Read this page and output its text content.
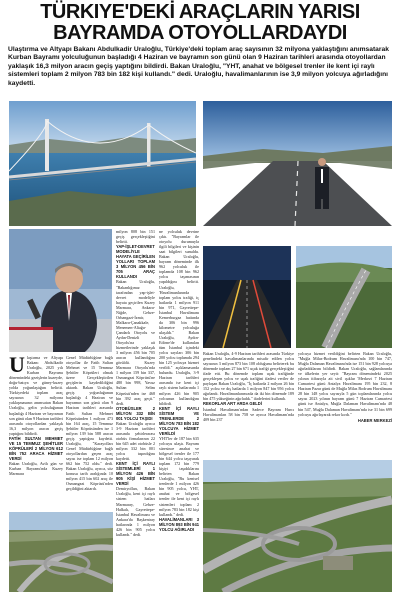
TÜRKIYE'DEKİ ARAÇLARIN YARISI
BAYRAMDA OTOYOLLARDAYDI
Ulaştırma ve Altyapı Bakanı Abdulkadir Uraloğlu, Türkiye'deki toplam araç sayısının 32 milyona yaklaştığını anımsatarak Kurban Bayramı yolculuğunun başladığı 4 Haziran ve bayramın son günü olan 9 Haziran tarihleri arasında otoyollardan yaklaşık 16,3 milyon aracın geçiş yaptığını bildirdi. Bakan Uraloğlu, "YHT, anahat ve bölgesel trenler ile kent içi raylı sistemleri toplam 2 milyon 783 bin 182 kişi kullandı." dedi. Uraloğlu, havalimanlarının ise 3,9 milyon yolcuya ağırladığını kaydetti.
U laştırma ve Altyapı Bakanı Abdulkadir Uraloğlu, 2025 yılı Kurban Bayramı dönemindeki gezişlerin kuzeyde, doğu-batıya ve güney-kuzey yolda yoğunlaştığını belirtti. Türkiyedeki toplam araç sayısının 32 milyona yaklaşmasının anımsatan Bakan Uraloğlu, gelin yolculuğunun başladığı 4 Haziran ve bayramın son günü olan 9 Haziran tarihleri arasında otoyollardan yaklaşık 16,3 milyon aracın geçiş yaptığını bildirdi.

FATİH SULTAN MEHMET VE 15 TEMMUZ ŞEHİTLER KÖPRÜLERİ 2 MİLYON 612 BİN 752 ARACA HİZMET VERDİ

Bakan Uraloğlu, Avilı gün ve Kurban Bayramı'nda Kuzey Marmara

Genel Müdürlüğüne bağlı otoyollar ile Fatih Sultan Mehmet ve 15 Temmuz Şehitler Köprüleri olmak üzere Gerçekleştirilen geçişlerin kaydedildiğini aktardı. Bakan Uraloğlu, geçiş yoğunluğunun başladığı 4 Haziran ve bayramın son günü olan 9 Haziran tarihleri arasında Fatih Sultan Mehmet Köprüsünden 1 milyon 473 bin 164 araç, 15 Temmuz Şehitler Köprüsünden ise 1 milyon 139 bin 588 aracın geçiş yaptığını kaydetti. Uraloğlu, "Karayolları Genel Müdürlüğüne bağlı otoyollardan geçen araç sayısı ise toplam 12 milyon 662 bin 752 oldu." dedi. Bakan Uraloğlu, ayrıca, söz konusu tarih aralığında 10 milyon 415 bin 602 araç ile Osmangazi Köprüsü'nden geçildiğini aktardı.

milyon 808 bin 151 geçiş gerçekleştiğini belirtti.

YAP-İŞLET-DEVRET MODELİYLE HAYATA GEÇİRİLEN YOLLARI TOPLAM 3 MİLYON 456 BİN 705 ARAÇ KULLANDI

Bakan Uraloğlu, "Bakanlığımız tarafından yap-işlet-devret modeliyle hayata geçirilen Kuzey Marmara, Ankara-Niğde, Gebze-Orhangazi-İzmir, Malkara-Çanakkale, Menemen-Aliağa-Çandarlı Otoyolu ve Aydın-Denizli Otoyolu'na ait hizmetlerinde yaklaşık 3 milyon 456 bin 705 aracın kullandığını görüldü. Kuzey Marmara Otoyolu'nda 1 milyon 159 bin 337, Osmangazi Köprüsü'ne 480 bin 998, Yavuz Sultan Selim Köprüsü'nden ise 468 bin 392 araç geçti." dedi.

OTOBÜSLER 2 MİLYON 332 BİN 001 YOLCU TAŞIDI

Bakan Uraloğlu ayrıca 3-9 Haziran tarihleri arasında şehirlerarası otobüs firmalarının 22 bin 645 adet otobüsle 2 milyon 332 bin 001 yolcu taşındığını kaydetti.

KENT İÇİ RAYLI SİSTEMLERİ 1 MİLYON 426 BİN 905 KİŞİ HİZMET VERDİ

Demiryolları, Bakan Uraloğlu, kent içi raylı sistem hatları Marmaray, Gebze-Halkalı, Gayrettepe-İstanbul Havalimanı ve Ankara'da Başkentray hatlarında 1 milyon 426 bin 905 yolcu kullandı." dedi.

ne yolculuk devrine çıktı. "Bayramlar ile otoyolu durumuyla ilgili bilgileri ve kişinin saat bilgileri sunuldu. Bakan Uraloğlu, bayram döneminde ilk 962 yolculuk ile toplamda 108 bin 962 yolcu taşımasının yapıldığını belirtti. Uraloğlu, 'Havalimanlarında toplam yolcu trafiği, iç hatlarda 1 milyon 911 bin 971, Gayrettepe-İstanbul Havalimanı Kemerburgaz hattında da 306 bin 996 kilometre yolculuğa ulaşıldı." Bakan Uraloğlu, Aydın-Edirne'de kullanılan tüm İstanbul içindeki yolcu sayıları 306 bin 200 yolcu toplamda 294 bin 125 yolcuya hizmet verildi." açıklamasında bulundu. Uraloğlu, 3-9 Haziran tarihleri arasında ise kent içi raylı sistem hatlarında 1 milyon 426 bin 905 yolcunun kullandığını bildirdi.

KENT İÇİ RAYLI SİSTEM VE TRENLERDE 2 MİLYON 783 BİN 182 YOLCUYA HİZMET VERİLDİ

YHT'ler de 187 bin 635 yolcuyu ulaştı. Bayram süresince anahat ve bölgesel trenler ile 177 bin 644 yolcu taşıyarak toplam 172 bin 779 kişiyi taşıdıklarını belirten Bakan Uraloğlu, "Bu kentsel trenlerde 1 milyon 426 bin 905 yolcu, YHT, anahat ve bölgesel trenler ile kent içi raylı sistemleri toplam 2 milyon 783 bin 182 kişi kullandı." dedi.

HAVALİMANLARI 3 MİLYON 893 BİN 941 YOLCU AĞIRLADI

Bakan Uraloğlu, 4-9 Haziran tarihleri arasında Türkiye genelindeki havalimanlarında misafir edilen yolcu sayısının 3 milyon 873 bin 108 olduğunu belirterek bu dönemde toplam 27 bin 671 uçak trafiği gerçekleştiğini ifade etti. Bu dönemde toplam uçak trafiğinde gerçekleşen yolcu ve uçak trafiğini ifadesi veriler de paylaşan Bakan Uraloğlu, "İç hatlarda 2 milyon 26 bin 152 yolcu ve dış hatlarda 1 milyon 847 bin 956 yolcu ağırlandı. Havalimanlarımızda da iki bin dönemde 189 bin 475 yükseğinin ağırladık." ifadelerini kullandı.

REKORLAR ART ARDA GELDİ

İstanbul Havalimanı'ndan Sadece Bayram Harcı Havalimanları 58 bin 758 ve ayrıca Havalimanı'nda 409 bin 237

yolcuya hizmet verildiğini belirten Bakan Uraloğlu, "Muğla Milas-Bodrum Havalimanı'nda 100 bin 747, Muğla Dalaman Havalimanı'nda ise 151 bin 928 yolcuya ağırladıklarını bildirdi. Bakan Uraloğlu, sağlamlarında ve ülkelerin yer seyit: "Bayram dönemindeki 2025 yılının itibarıyla ait sivil ışıklar 'Merkezi 7 Haziran Cumartesi günü Antalya Havalimanı 195 bin 232, 8 Haziran Pazar günü de Muğla Milas Bodrum Havalimanı 28 bin 148 yolcu sayısıyla 5 gün toplamlarında yolcu sayısı 2023 yılının bayram günü 7 Haziran Cumartesi günü ise Antalya, Muğla Dalaman Havalimanı'nda 48 bin 547, Muğla Dalaman Havalimanı'nda ise 31 bin 699 yolcuyu ağırlayarak rekor kırdı."

HABER MERKEZİ
